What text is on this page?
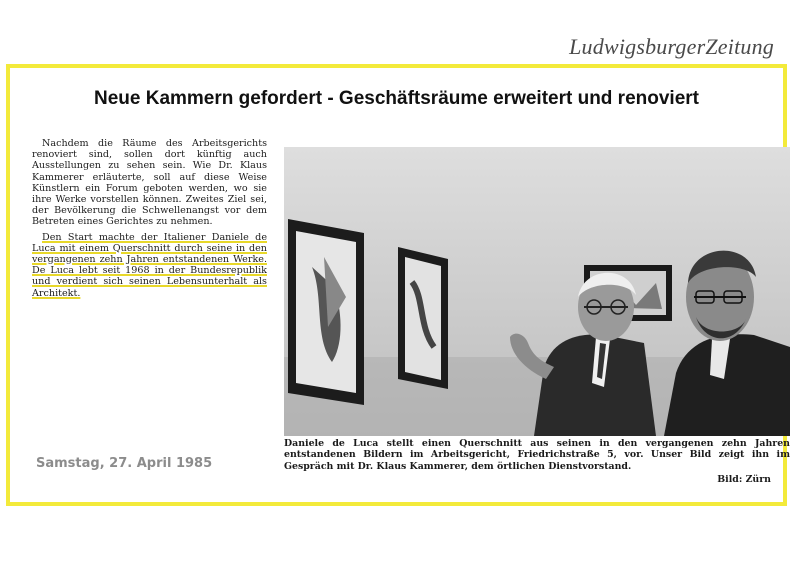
LudwigsburgerZeitung
Neue Kammern gefordert - Geschäftsräume erweitert und renoviert

Nachdem die Räume des Arbeitsgerichts renoviert sind, sollen dort künftig auch Ausstellungen zu sehen sein. Wie Dr. Klaus Kammerer erläuterte, soll auf diese Weise Künstlern ein Forum geboten werden, wo sie ihre Werke vorstellen können. Zweites Ziel sei, der Bevölkerung die Schwellenangst vor dem Betreten eines Gerichtes zu nehmen.

Den Start machte der Italiener Daniele de Luca mit einem Querschnitt durch seine in den vergangenen zehn Jahren entstandenen Werke. De Luca lebt seit 1968 in der Bundesrepublik und verdient sich seinen Lebensunterhalt als Architekt.

Daniele de Luca stellt einen Querschnitt aus seinen in den vergangenen zehn Jahren entstandenen Bildern im Arbeitsgericht, Friedrichstraße 5, vor. Unser Bild zeigt ihn im Gespräch mit Dr. Klaus Kammerer, dem örtlichen Dienstvorstand.
Bild: Zürn
Samstag, 27. April 1985
